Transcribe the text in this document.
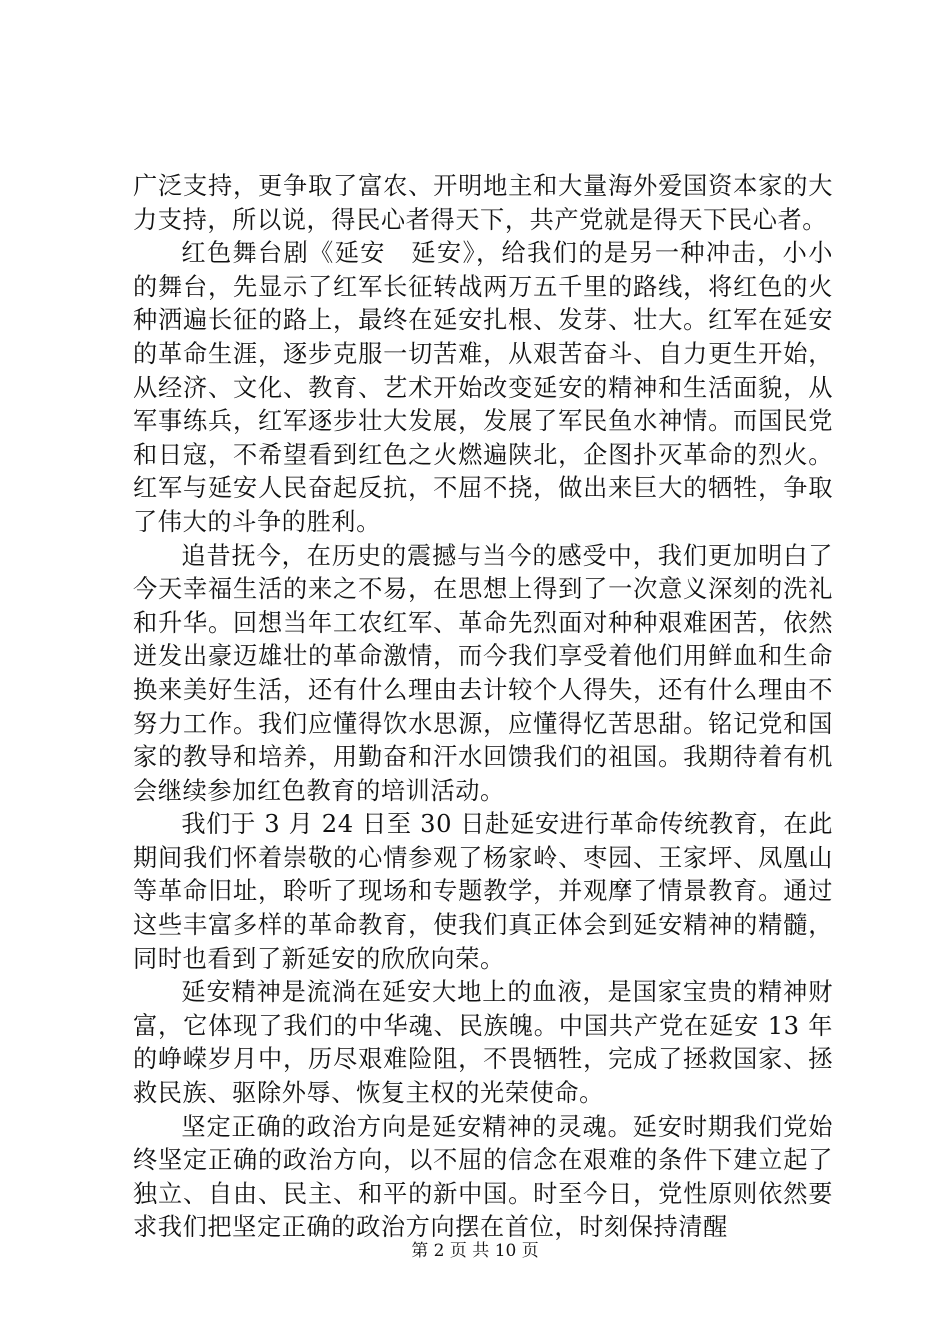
广泛支持，更争取了富农、开明地主和大量海外爱国资本家的大力支持，所以说，得民心者得天下，共产党就是得天下民心者。

红色舞台剧《延安　延安》，给我们的是另一种冲击，小小的舞台，先显示了红军长征转战两万五千里的路线，将红色的火种洒遍长征的路上，最终在延安扎根、发芽、壮大。红军在延安的革命生涯，逐步克服一切苦难，从艰苦奋斗、自力更生开始，从经济、文化、教育、艺术开始改变延安的精神和生活面貌，从军事练兵，红军逐步壮大发展，发展了军民鱼水神情。而国民党和日寇，不希望看到红色之火燃遍陕北，企图扑灭革命的烈火。红军与延安人民奋起反抗，不屈不挠，做出来巨大的牺牲，争取了伟大的斗争的胜利。

追昔抚今，在历史的震撼与当今的感受中，我们更加明白了今天幸福生活的来之不易，在思想上得到了一次意义深刻的洗礼和升华。回想当年工农红军、革命先烈面对种种艰难困苦，依然迸发出豪迈雄壮的革命激情，而今我们享受着他们用鲜血和生命换来美好生活，还有什么理由去计较个人得失，还有什么理由不努力工作。我们应懂得饮水思源，应懂得忆苦思甜。铭记党和国家的教导和培养，用勤奋和汗水回馈我们的祖国。我期待着有机会继续参加红色教育的培训活动。

我们于 3 月 24 日至 30 日赴延安进行革命传统教育，在此期间我们怀着崇敬的心情参观了杨家岭、枣园、王家坪、凤凰山等革命旧址，聆听了现场和专题教学，并观摩了情景教育。通过这些丰富多样的革命教育，使我们真正体会到延安精神的精髓，同时也看到了新延安的欣欣向荣。

延安精神是流淌在延安大地上的血液，是国家宝贵的精神财富，它体现了我们的中华魂、民族魄。中国共产党在延安 13 年的峥嵘岁月中，历尽艰难险阻，不畏牺牲，完成了拯救国家、拯救民族、驱除外辱、恢复主权的光荣使命。

坚定正确的政治方向是延安精神的灵魂。延安时期我们党始终坚定正确的政治方向，以不屈的信念在艰难的条件下建立起了独立、自由、民主、和平的新中国。时至今日，党性原则依然要求我们把坚定正确的政治方向摆在首位，时刻保持清醒

第 2 页 共 10 页
